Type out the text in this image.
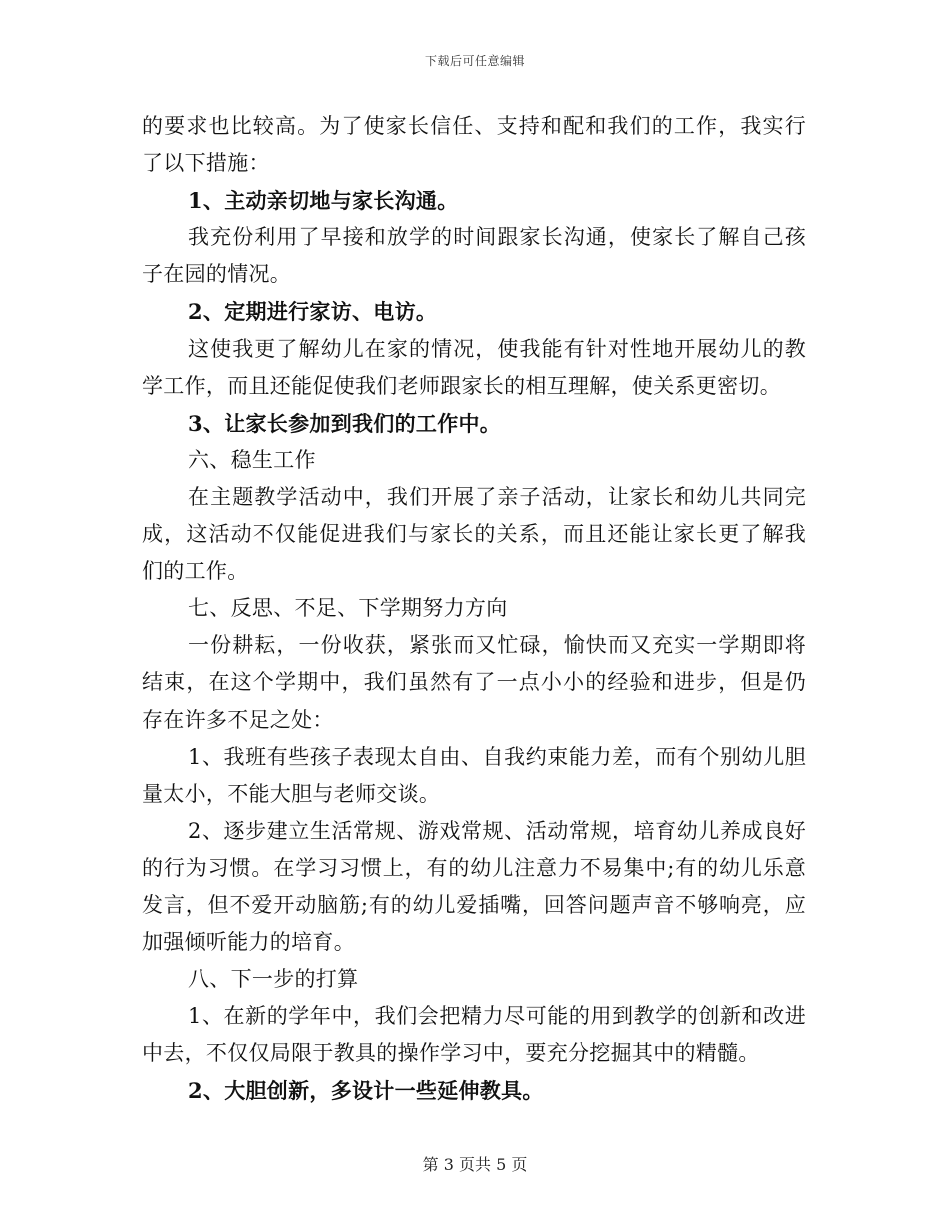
下载后可任意编辑
的要求也比较高。为了使家长信任、支持和配和我们的工作，我实行
了以下措施：
1、主动亲切地与家长沟通。
我充份利用了早接和放学的时间跟家长沟通，使家长了解自己孩
子在园的情况。
2、定期进行家访、电访。
这使我更了解幼儿在家的情况，使我能有针对性地开展幼儿的教
学工作，而且还能促使我们老师跟家长的相互理解，使关系更密切。
3、让家长参加到我们的工作中。
六、稳生工作
在主题教学活动中，我们开展了亲子活动，让家长和幼儿共同完
成，这活动不仅能促进我们与家长的关系，而且还能让家长更了解我
们的工作。
七、反思、不足、下学期努力方向
一份耕耘，一份收获，紧张而又忙碌，愉快而又充实一学期即将
结束，在这个学期中，我们虽然有了一点小小的经验和进步，但是仍
存在许多不足之处：
1、我班有些孩子表现太自由、自我约束能力差，而有个别幼儿胆
量太小，不能大胆与老师交谈。
2、逐步建立生活常规、游戏常规、活动常规，培育幼儿养成良好
的行为习惯。在学习习惯上，有的幼儿注意力不易集中;有的幼儿乐意
发言，但不爱开动脑筋;有的幼儿爱插嘴，回答问题声音不够响亮，应
加强倾听能力的培育。
八、下一步的打算
1、在新的学年中，我们会把精力尽可能的用到教学的创新和改进
中去，不仅仅局限于教具的操作学习中，要充分挖掘其中的精髓。
2、大胆创新，多设计一些延伸教具。
第 3 页共 5 页
